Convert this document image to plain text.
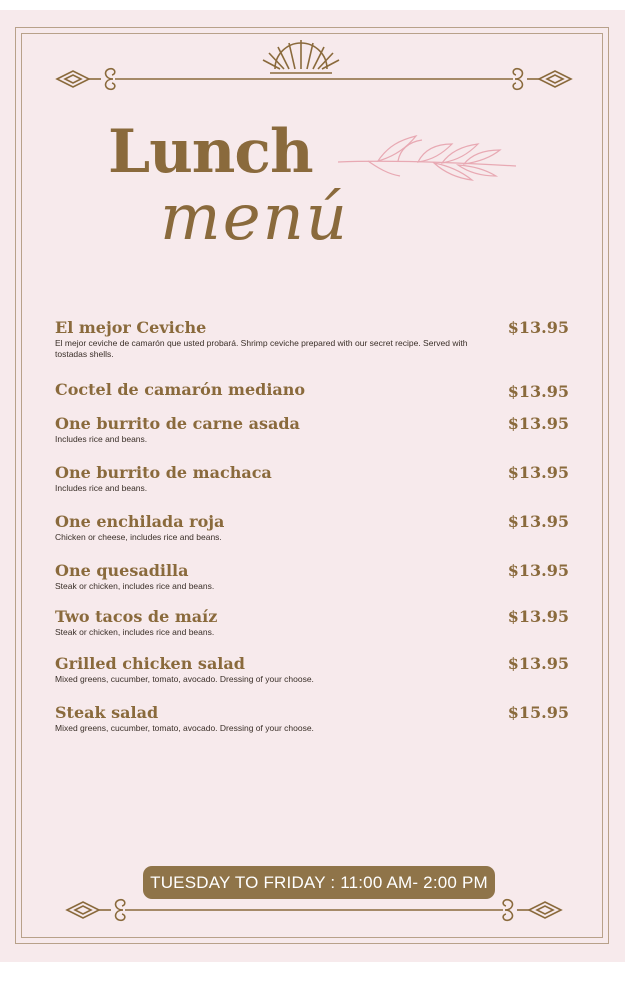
Lunch
menú
El mejor Ceviche
El mejor ceviche de camarón que usted probará. Shrimp ceviche prepared with our secret recipe. Served with tostadas shells.
$13.95
Coctel de camarón mediano	$13.95
One burrito de carne asada
Includes rice and beans.
$13.95
One burrito de machaca
Includes rice and beans.
$13.95
One enchilada roja
Chicken or cheese, includes rice and beans.
$13.95
One quesadilla
Steak or chicken, includes rice and beans.
$13.95
Two tacos de maíz
Steak or chicken, includes rice and beans.
$13.95
Grilled chicken salad
Mixed greens, cucumber, tomato, avocado. Dressing of your choose.
$13.95
Steak salad
Mixed greens, cucumber, tomato, avocado. Dressing of your choose.
$15.95
TUESDAY TO FRIDAY : 11:00 AM- 2:00 PM
